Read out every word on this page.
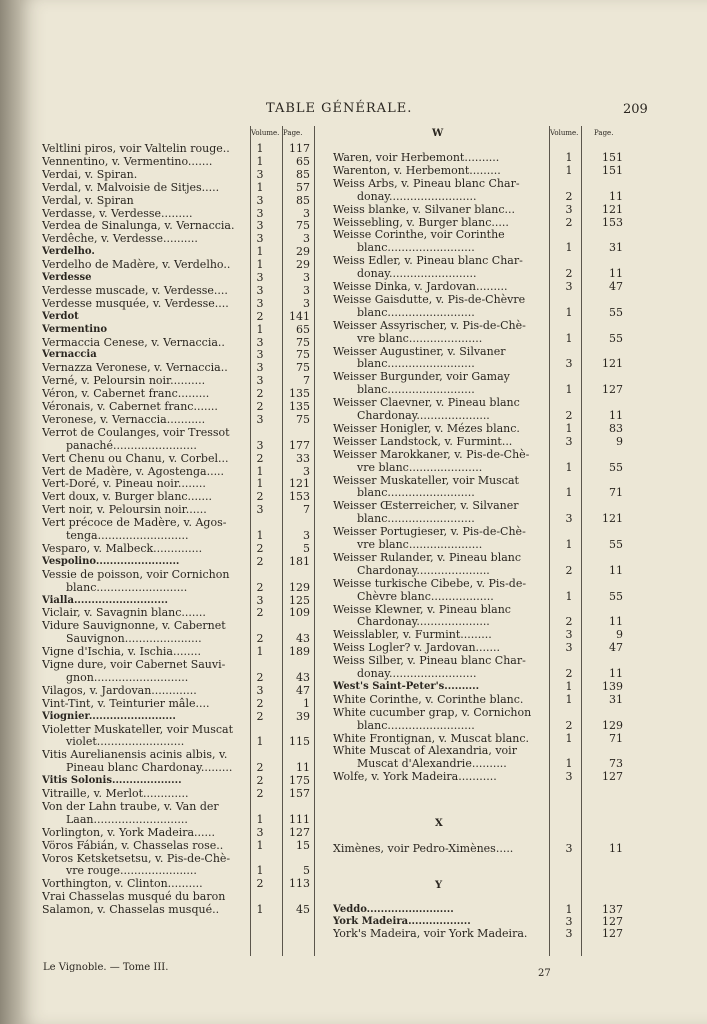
TABLE GÉNÉRALE.	209
Volume. Page.	Volume. Page.
Veltlini piros, voir Valtelin rouge..	1	117
Vennentino, v. Vermentino.......	1	65
Verdai, v. Spiran.	3	85
Verdal, v. Malvoisie de Sitjes.....	1	57
Verdal, v. Spiran	3	85
Verdasse, v. Verdesse.........	3	3
Verdea de Sinalunga, v. Vernaccia.	3	75
Verdêche, v. Verdesse..........	3	3
Verdelho.	1	29
Verdelho de Madère, v. Verdelho..	1	29
Verdesse	3	3
Verdesse muscade, v. Verdesse....	3	3
Verdesse musquée, v. Verdesse....	3	3
Verdot	2	141
Vermentino	1	65
Vermaccia Cenese, v. Vernaccia..	3	75
Vernaccia	3	75
Vernazza Veronese, v. Vernaccia..	3	75
Verné, v. Peloursin noir..........	3	7
Véron, v. Cabernet franc.........	2	135
Véronais, v. Cabernet franc.......	2	135
Veronese, v. Vernaccia...........	3	75
Verrot de Coulanges, voir Tressot
panaché........................	3	177
Vert Chenu ou Chanu, v. Corbel...	2	33
Vert de Madère, v. Agostenga.....	1	3
Vert-Doré, v. Pineau noir........	1	121
Vert doux, v. Burger blanc.......	2	153
Vert noir, v. Peloursin noir......	3	7
Vert précoce de Madère, v. Agos-
tenga..........................	1	3
Vesparo, v. Malbeck..............	2	5
Vespolino........................	2	181
Vessie de poisson, voir Cornichon
blanc..........................	2	129
Vialla...........................	3	125
Viclair, v. Savagnin blanc.......	2	109
Vidure Sauvignonne, v. Cabernet
Sauvignon......................	2	43
Vigne d'Ischia, v. Ischia........	1	189
Vigne dure, voir Cabernet Sauvi-
gnon...........................	2	43
Vilagos, v. Jardovan.............	3	47
Vint-Tint, v. Teinturier mâle....	2	1
Viognier.........................	2	39
Violetter Muskateller, voir Muscat
violet.........................	1	115
Vitis Aurelianensis acinis albis, v.
Pineau blanc Chardonay.........	2	11
Vitis Solonis....................	2	175
Vitraille, v. Merlot.............	2	157
Von der Lahn traube, v. Van der
Laan...........................	1	111
Vorlington, v. York Madeira......	3	127
Vöros Fábián, v. Chasselas rose..	1	15
Voros Ketsketsetsu, v. Pis-de-Chè-
vre rouge......................	1	5
Vorthington, v. Clinton..........	2	113
Vrai Chasselas musqué du baron
Salamon, v. Chasselas musqué..	1	45
W
Waren, voir Herbemont..........	1	151
Warenton, v. Herbemont.........	1	151
Weiss Arbs, v. Pineau blanc Char-
donay.........................	2	11
Weiss blanke, v. Silvaner blanc...	3	121
Weissebling, v. Burger blanc.....	2	153
Weisse Corinthe, voir Corinthe
blanc.........................	1	31
Weiss Edler, v. Pineau blanc Char-
donay.........................	2	11
Weisse Dinka, v. Jardovan.........	3	47
Weisse Gaisdutte, v. Pis-de-Chèvre
blanc.........................	1	55
Weisser Assyrischer, v. Pis-de-Chè-
vre blanc.....................	1	55
Weisser Augustiner, v. Silvaner
blanc.........................	3	121
Weisser Burgunder, voir Gamay
blanc.........................	1	127
Weisser Claevner, v. Pineau blanc
Chardonay.....................	2	11
Weisser Honigler, v. Mézes blanc.	1	83
Weisser Landstock, v. Furmint...	3	9
Weisser Marokkaner, v. Pis-de-Chè-
vre blanc.....................	1	55
Weisser Muskateller, voir Muscat
blanc.........................	1	71
Weisser Œsterreicher, v. Silvaner
blanc.........................	3	121
Weisser Portugieser, v. Pis-de-Chè-
vre blanc.....................	1	55
Weisser Rulander, v. Pineau blanc
Chardonay.....................	2	11
Weisse turkische Cibebe, v. Pis-de-
Chèvre blanc..................	1	55
Weisse Klewner, v. Pineau blanc
Chardonay.....................	2	11
Weisslabler, v. Furmint.........	3	9
Weiss Logler? v. Jardovan.......	3	47
Weiss Silber, v. Pineau blanc Char-
donay.........................	2	11
West's Saint-Peter's..........	1	139
White Corinthe, v. Corinthe blanc.	1	31
White cucumber grap, v. Cornichon
blanc.........................	2	129
White Frontignan, v. Muscat blanc.	1	71
White Muscat of Alexandria, voir
Muscat d'Alexandrie..........	1	73
Wolfe, v. York Madeira...........	3	127
X
Ximènes, voir Pedro-Ximènes.....	3	11
Y
Veddo.........................	1	137
York Madeira..................	3	127
York's Madeira, voir York Madeira.	3	127
Le Vignoble. — Tome III.
27
